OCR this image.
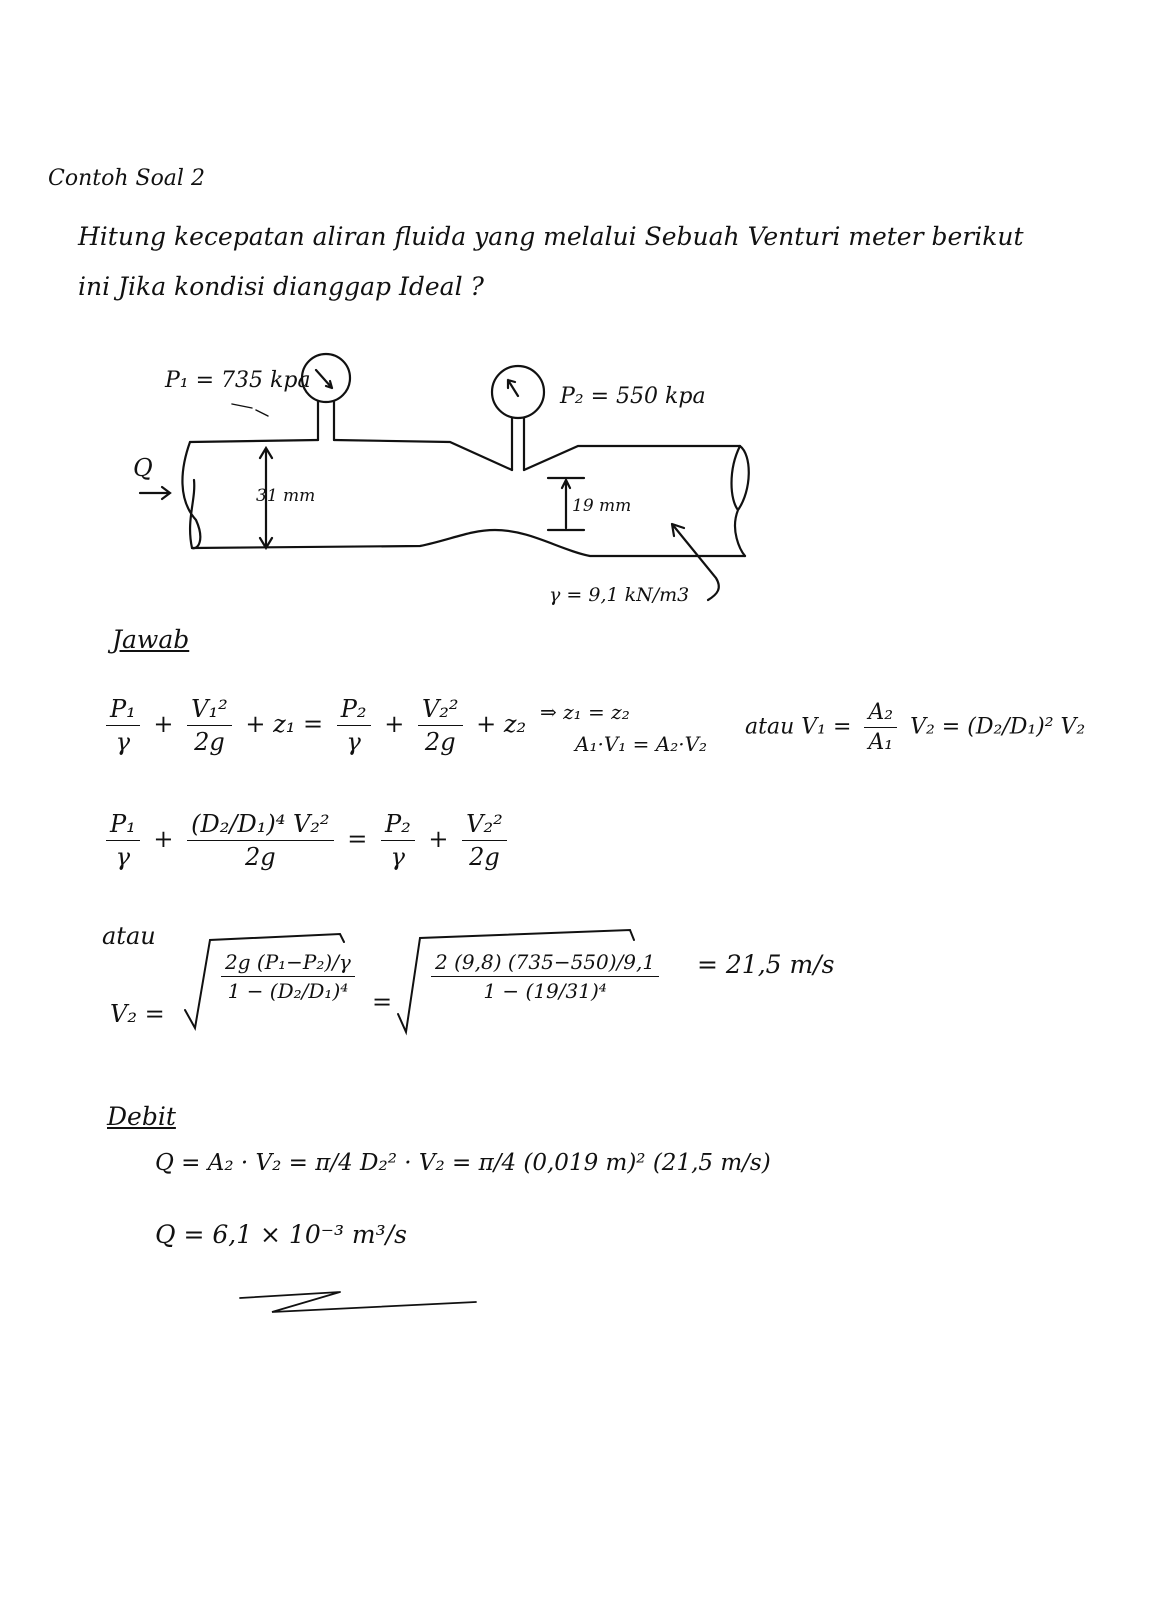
Contoh Soal 2
Hitung kecepatan aliran fluida yang melalui Sebuah Venturi meter berikut
ini Jika kondisi dianggap Ideal ?
P₁ = 735 kpa
P₂ = 550 kpa
Q
31 mm	19 mm
γ = 9,1 kN/m3
Jawab
$\frac{\text{P₁}}{\gamma} + \frac{\text{V₁²}}{2g} + z_1 = \frac{\text{P₂}}{\gamma} + \frac{\text{V₂²}}{2g} + z_2$ ⇒ z₁ = z₂
A₁·V₁ = A₂·V₂
atau $V_1 = \frac{\text{A₂}}{\text{A₁}} V_2 = (D_2/D_1)^2$ V₂
$\frac{\text{P₁}}{\gamma} + \frac{\text{(D₂/D₁)⁴ V₂²}}{2g} = \frac{\text{P₂}}{\gamma} + \frac{\text{V₂²}}{2g}$
atau
V₂ =
$\frac{\text{2g (P₁−P₂)/γ}}{\text{1 − (D₂/D₁)⁴}} = \frac{2 (9,8) (735-550)/9,1}{\text{1 − (19/31)⁴}} = 21,5$ m/s
Debit
Q = A₂ · V₂ = π/4 D₂² · V₂ = π/4 (0,019 m)² (21,5 m/s)
Q = 6,1 × 10⁻³ m³/s
